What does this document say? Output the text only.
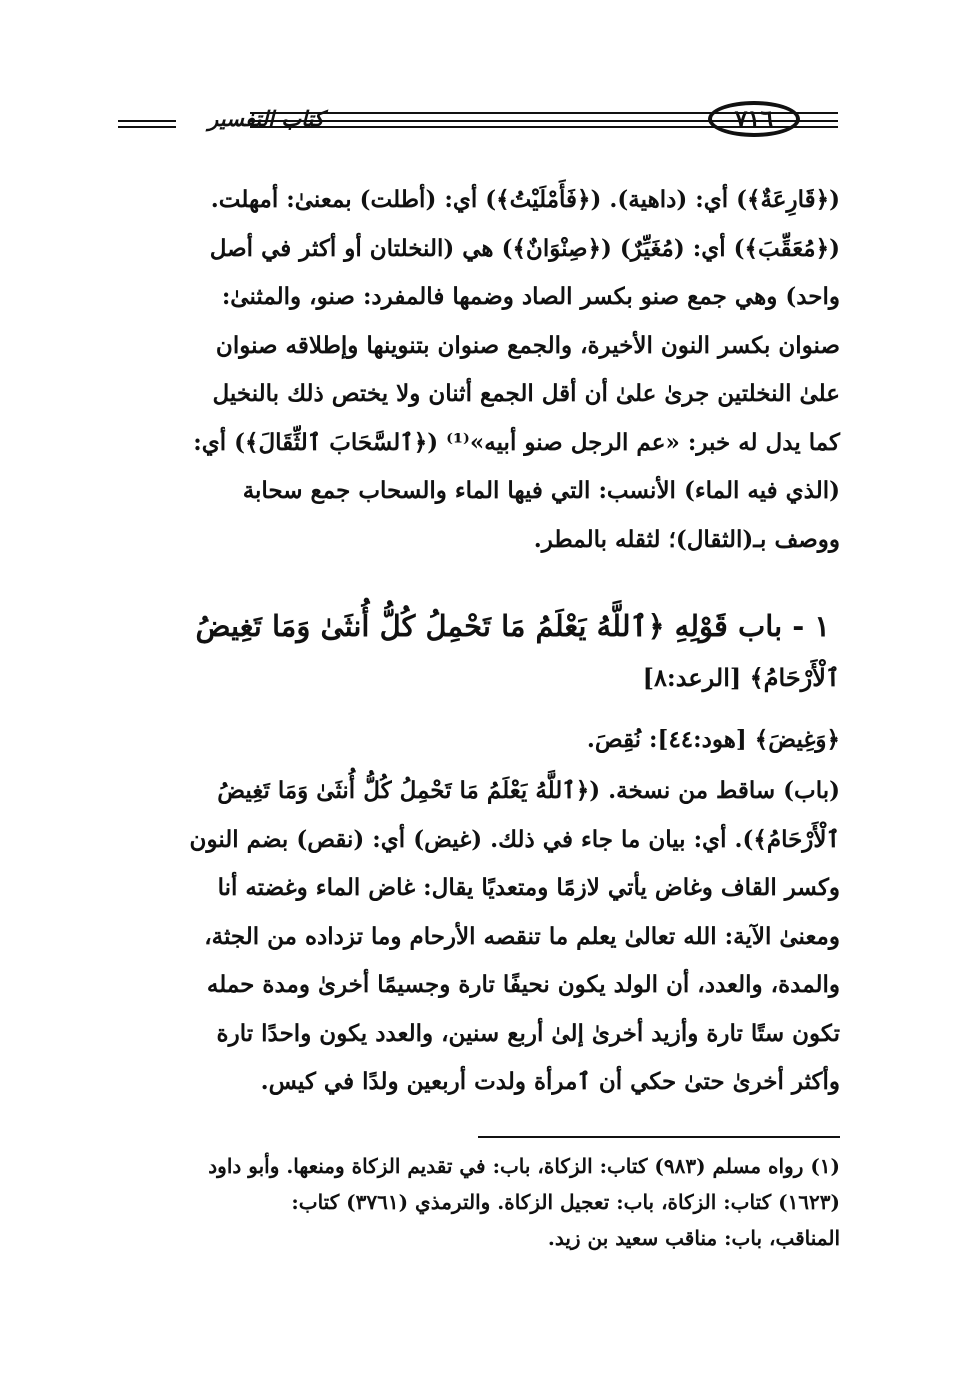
٧١٦
كتاب التفسير

(﴿قَارِعَةٌ﴾) أي: (داهية). (﴿فَأَمْلَيْتُ﴾) أي: (أطلت) بمعنىٰ: أمهلت.

(﴿مُعَقِّبَ﴾) أي: (مُغَيِّرٌ) (﴿صِنْوَانٌ﴾) هي (النخلتان أو أكثر في أصل

واحد) وهي جمع صنو بكسر الصاد وضمها فالمفرد: صنو، والمثنىٰ:

صنوان بكسر النون الأخيرة، والجمع صنوان بتنوينها وإطلاقه صنوان

علىٰ النخلتين جرىٰ علىٰ أن أقل الجمع أثنان ولا يختص ذلك بالنخيل

كما يدل له خبر: «عم الرجل صنو أبيه»⁽¹⁾ (﴿ٱلسَّحَابَ ٱلثِّقَالَ﴾) أي:

(الذي فيه الماء) الأنسب: التي فيها الماء والسحاب جمع سحابة

ووصف بـ(الثقال)؛ لثقله بالمطر.

١ - باب قَوْلِهِ ﴿ٱللَّهُ يَعْلَمُ مَا تَحْمِلُ كُلُّ أُنثَىٰ وَمَا تَغِيضُ
ٱلْأَرْحَامُ﴾ [الرعد:٨]

﴿وَغِيضَ﴾ [هود:٤٤]: نُقِصَ.

(باب) ساقط من نسخة. (﴿ٱللَّهُ يَعْلَمُ مَا تَحْمِلُ كُلُّ أُنثَىٰ وَمَا تَغِيضُ

ٱلْأَرْحَامُ﴾). أي: بيان ما جاء في ذلك. (غيض) أي: (نقص) بضم النون

وكسر القاف وغاض يأتي لازمًا ومتعديًا يقال: غاض الماء وغضته أنا

ومعنىٰ الآية: الله تعالىٰ يعلم ما تنقصه الأرحام وما تزداده من الجثة،

والمدة، والعدد، أن الولد يكون نحيفًا تارة وجسيمًا أخرىٰ ومدة حمله

تكون ستًا تارة وأزيد أخرىٰ إلىٰ أربع سنين، والعدد يكون واحدًا تارة

وأكثر أخرىٰ حتىٰ حكي أن ٱمرأة ولدت أربعين ولدًا في كيس.

(١) رواه مسلم (٩٨٣) كتاب: الزكاة، باب: في تقديم الزكاة ومنعها. وأبو داود

(١٦٢٣) كتاب: الزكاة، باب: تعجيل الزكاة. والترمذي (٣٧٦١) كتاب:

المناقب، باب: مناقب سعيد بن زيد.
